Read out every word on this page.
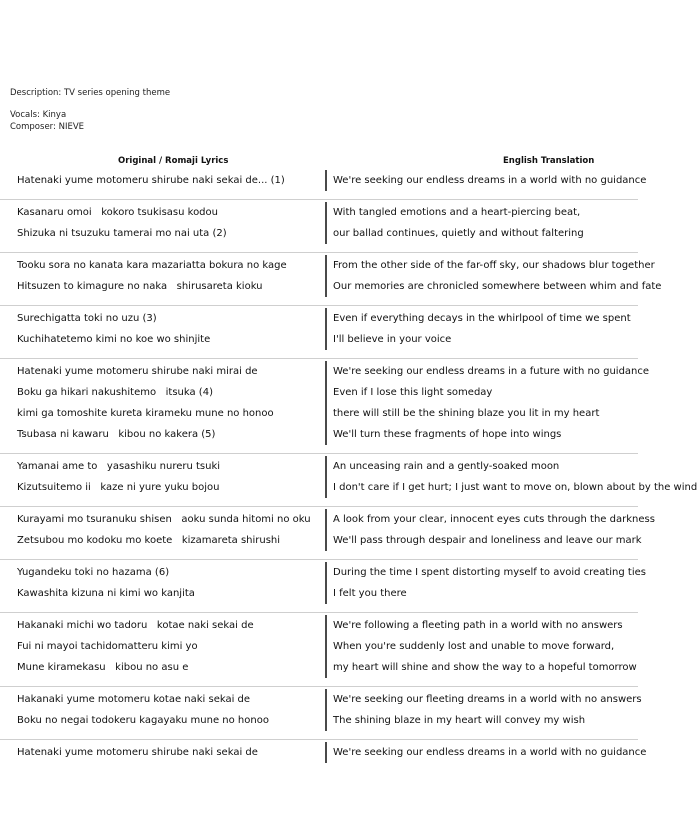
Description: TV series opening theme
Vocals: Kinya
Composer: NIEVE
Original / Romaji Lyrics	English Translation
Hatenaki yume motomeru shirube naki sekai de... (1)	We're seeking our endless dreams in a world with no guidance
Kasanaru omoi   kokoro tsukisasu kodou	With tangled emotions and a heart-piercing beat,
Shizuka ni tsuzuku tamerai mo nai uta (2)	our ballad continues, quietly and without faltering
Tooku sora no kanata kara mazariatta bokura no kage	From the other side of the far-off sky, our shadows blur together
Hitsuzen to kimagure no naka   shirusareta kioku	Our memories are chronicled somewhere between whim and fate
Surechigatta toki no uzu (3)	Even if everything decays in the whirlpool of time we spent
Kuchihatetemo kimi no koe wo shinjite	I'll believe in your voice
Hatenaki yume motomeru shirube naki mirai de	We're seeking our endless dreams in a future with no guidance
Boku ga hikari nakushitemo   itsuka (4)	Even if I lose this light someday
kimi ga tomoshite kureta kirameku mune no honoo	there will still be the shining blaze you lit in my heart
Tsubasa ni kawaru   kibou no kakera (5)	We'll turn these fragments of hope into wings
Yamanai ame to   yasashiku nureru tsuki	An unceasing rain and a gently-soaked moon
Kizutsuitemo ii   kaze ni yure yuku bojou	I don't care if I get hurt; I just want to move on, blown about by the wind
Kurayami mo tsuranuku shisen   aoku sunda hitomi no oku	A look from your clear, innocent eyes cuts through the darkness
Zetsubou mo kodoku mo koete   kizamareta shirushi	We'll pass through despair and loneliness and leave our mark
Yugandeku toki no hazama (6)	During the time I spent distorting myself to avoid creating ties
Kawashita kizuna ni kimi wo kanjita	I felt you there
Hakanaki michi wo tadoru   kotae naki sekai de	We're following a fleeting path in a world with no answers
Fui ni mayoi tachidomatteru kimi yo	When you're suddenly lost and unable to move forward,
Mune kiramekasu   kibou no asu e	my heart will shine and show the way to a hopeful tomorrow
Hakanaki yume motomeru kotae naki sekai de	We're seeking our fleeting dreams in a world with no answers
Boku no negai todokeru kagayaku mune no honoo	The shining blaze in my heart will convey my wish
Hatenaki yume motomeru shirube naki sekai de	We're seeking our endless dreams in a world with no guidance
